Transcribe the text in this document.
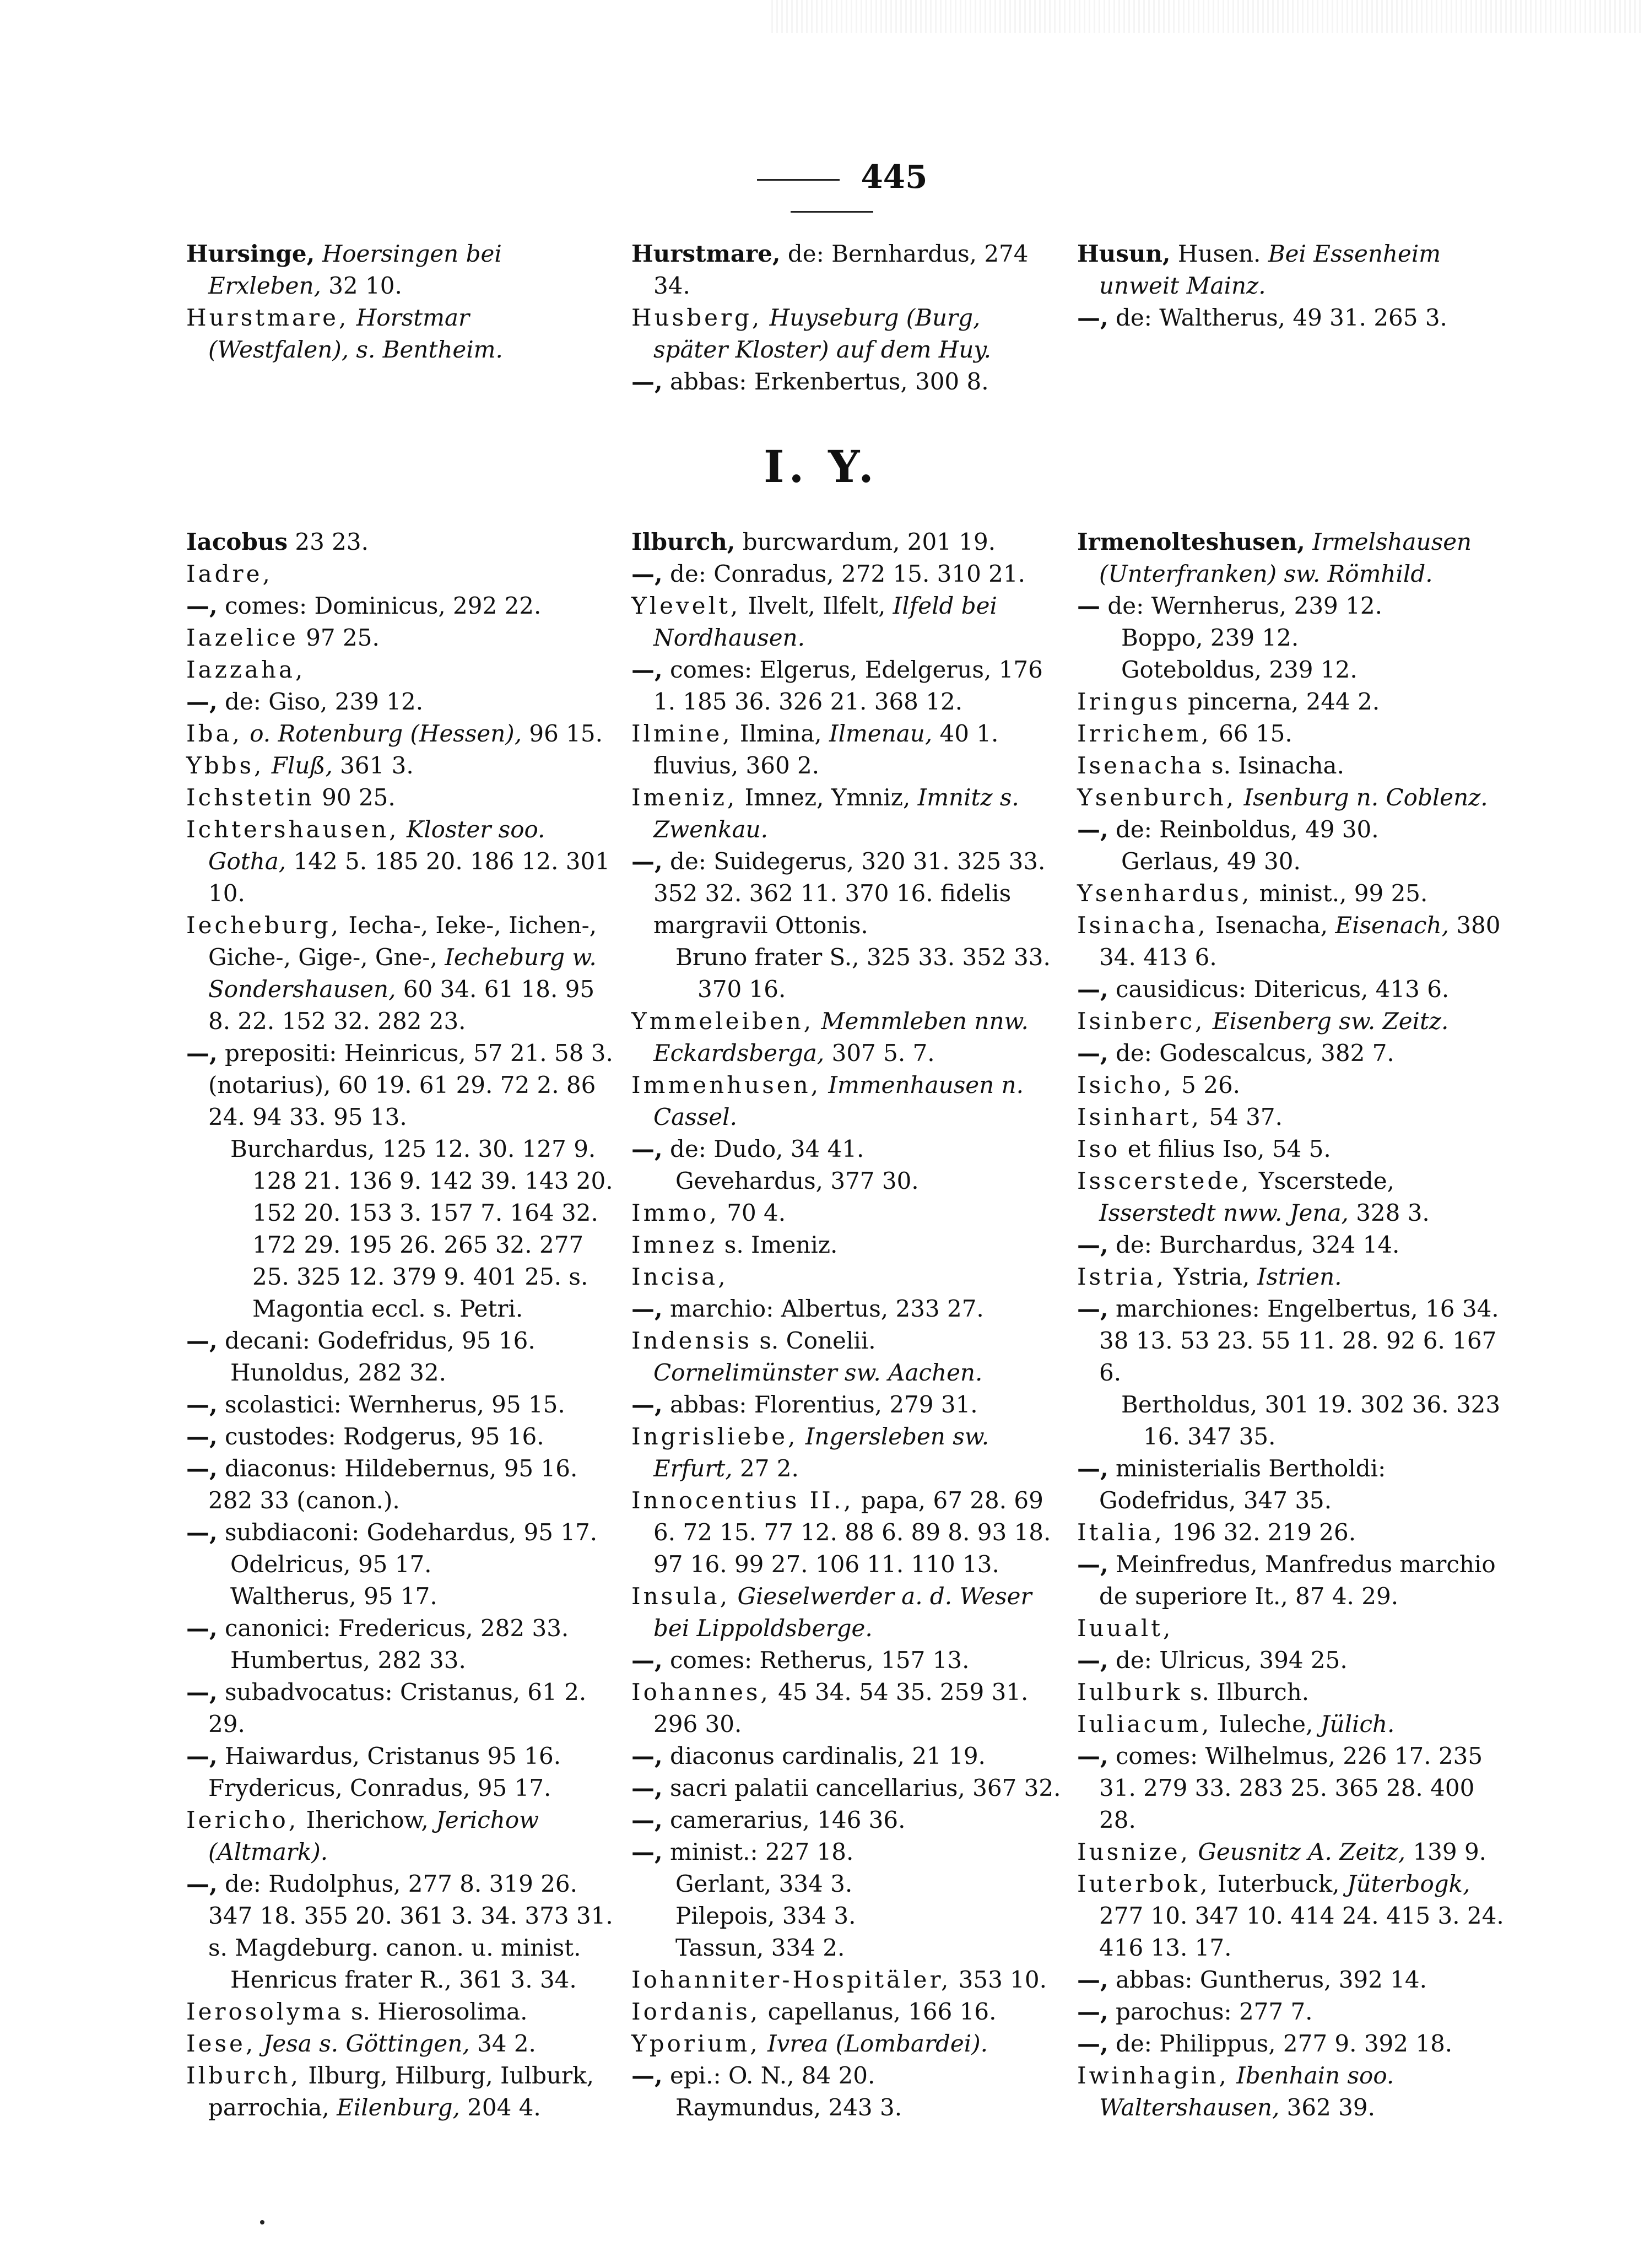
445

Hursinge, Hoersingen bei Erxleben, 32 10.

Hurstmare, Horstmar (Westfalen), s. Bentheim.

Hurstmare, de: Bernhardus, 274 34.

Husberg, Huyseburg (Burg, später Kloster) auf dem Huy.

—, abbas: Erkenbertus, 300 8.

Husun, Husen. Bei Essenheim unweit Mainz.

—, de: Waltherus, 49 31. 265 3.

I. Y.

Iacobus 23 23.

Iadre,

—, comes: Dominicus, 292 22.

Iazelice 97 25.

Iazzaha,

—, de: Giso, 239 12.

Iba, o. Rotenburg (Hessen), 96 15.

Ybbs, Fluß, 361 3.

Ichstetin 90 25.

Ichtershausen, Kloster soo. Gotha, 142 5. 185 20. 186 12. 301 10.

Iecheburg, Iecha-, Ieke-, Iichen-, Giche-, Gige-, Gne-, Iecheburg w. Sondershausen, 60 34. 61 18. 95 8. 22. 152 32. 282 23.

—, prepositi: Heinricus, 57 21. 58 3. (notarius), 60 19. 61 29. 72 2. 86 24. 94 33. 95 13.

Burchardus, 125 12. 30. 127 9. 128 21. 136 9. 142 39. 143 20. 152 20. 153 3. 157 7. 164 32. 172 29. 195 26. 265 32. 277 25. 325 12. 379 9. 401 25. s. Magontia eccl. s. Petri.

—, decani: Godefridus, 95 16.

Hunoldus, 282 32.

—, scolastici: Wernherus, 95 15.

—, custodes: Rodgerus, 95 16.

—, diaconus: Hildebernus, 95 16. 282 33 (canon.).

—, subdiaconi: Godehardus, 95 17.

Odelricus, 95 17.

Waltherus, 95 17.

—, canonici: Fredericus, 282 33.

Humbertus, 282 33.

—, subadvocatus: Cristanus, 61 2. 29.

—, Haiwardus, Cristanus 95 16. Frydericus, Conradus, 95 17.

Iericho, Iherichow, Jerichow (Altmark).

—, de: Rudolphus, 277 8. 319 26. 347 18. 355 20. 361 3. 34. 373 31. s. Magdeburg. canon. u. minist.

Henricus frater R., 361 3. 34.

Ierosolyma s. Hierosolima.

Iese, Jesa s. Göttingen, 34 2.

Ilburch, Ilburg, Hilburg, Iulburk, parrochia, Eilenburg, 204 4.

Ilburch, burcwardum, 201 19.

—, de: Conradus, 272 15. 310 21.

Ylevelt, Ilvelt, Ilfelt, Ilfeld bei Nordhausen.

—, comes: Elgerus, Edelgerus, 176 1. 185 36. 326 21. 368 12.

Ilmine, Ilmina, Ilmenau, 40 1. fluvius, 360 2.

Imeniz, Imnez, Ymniz, Imnitz s. Zwenkau.

—, de: Suidegerus, 320 31. 325 33. 352 32. 362 11. 370 16. fidelis margravii Ottonis.

Bruno frater S., 325 33. 352 33. 370 16.

Ymmeleiben, Memmleben nnw. Eckardsberga, 307 5. 7.

Immenhusen, Immenhausen n. Cassel.

—, de: Dudo, 34 41.

Gevehardus, 377 30.

Immo, 70 4.

Imnez s. Imeniz.

Incisa,

—, marchio: Albertus, 233 27.

Indensis s. Conelii. Cornelimünster sw. Aachen.

—, abbas: Florentius, 279 31.

Ingrisliebe, Ingersleben sw. Erfurt, 27 2.

Innocentius II., papa, 67 28. 69 6. 72 15. 77 12. 88 6. 89 8. 93 18. 97 16. 99 27. 106 11. 110 13.

Insula, Gieselwerder a. d. Weser bei Lippoldsberge.

—, comes: Retherus, 157 13.

Iohannes, 45 34. 54 35. 259 31. 296 30.

—, diaconus cardinalis, 21 19.

—, sacri palatii cancellarius, 367 32.

—, camerarius, 146 36.

—, minist.: 227 18.

Gerlant, 334 3.

Pilepois, 334 3.

Tassun, 334 2.

Iohanniter-Hospitäler, 353 10.

Iordanis, capellanus, 166 16.

Yporium, Ivrea (Lombardei).

—, epi.: O. N., 84 20.

Raymundus, 243 3.

Irmenolteshusen, Irmelshausen (Unterfranken) sw. Römhild.

— de: Wernherus, 239 12.

Boppo, 239 12.

Goteboldus, 239 12.

Iringus pincerna, 244 2.

Irrichem, 66 15.

Isenacha s. Isinacha.

Ysenburch, Isenburg n. Coblenz.

—, de: Reinboldus, 49 30.

Gerlaus, 49 30.

Ysenhardus, minist., 99 25.

Isinacha, Isenacha, Eisenach, 380 34. 413 6.

—, causidicus: Ditericus, 413 6.

Isinberc, Eisenberg sw. Zeitz.

—, de: Godescalcus, 382 7.

Isicho, 5 26.

Isinhart, 54 37.

Iso et filius Iso, 54 5.

Isscerstede, Yscerstede, Isserstedt nww. Jena, 328 3.

—, de: Burchardus, 324 14.

Istria, Ystria, Istrien.

—, marchiones: Engelbertus, 16 34. 38 13. 53 23. 55 11. 28. 92 6. 167 6.

Bertholdus, 301 19. 302 36. 323 16. 347 35.

—, ministerialis Bertholdi: Godefridus, 347 35.

Italia, 196 32. 219 26.

—, Meinfredus, Manfredus marchio de superiore It., 87 4. 29.

Iuualt,

—, de: Ulricus, 394 25.

Iulburk s. Ilburch.

Iuliacum, Iuleche, Jülich.

—, comes: Wilhelmus, 226 17. 235 31. 279 33. 283 25. 365 28. 400 28.

Iusnize, Geusnitz A. Zeitz, 139 9.

Iuterbok, Iuterbuck, Jüterbogk, 277 10. 347 10. 414 24. 415 3. 24. 416 13. 17.

—, abbas: Guntherus, 392 14.

—, parochus: 277 7.

—, de: Philippus, 277 9. 392 18.

Iwinhagin, Ibenhain soo. Waltershausen, 362 39.
